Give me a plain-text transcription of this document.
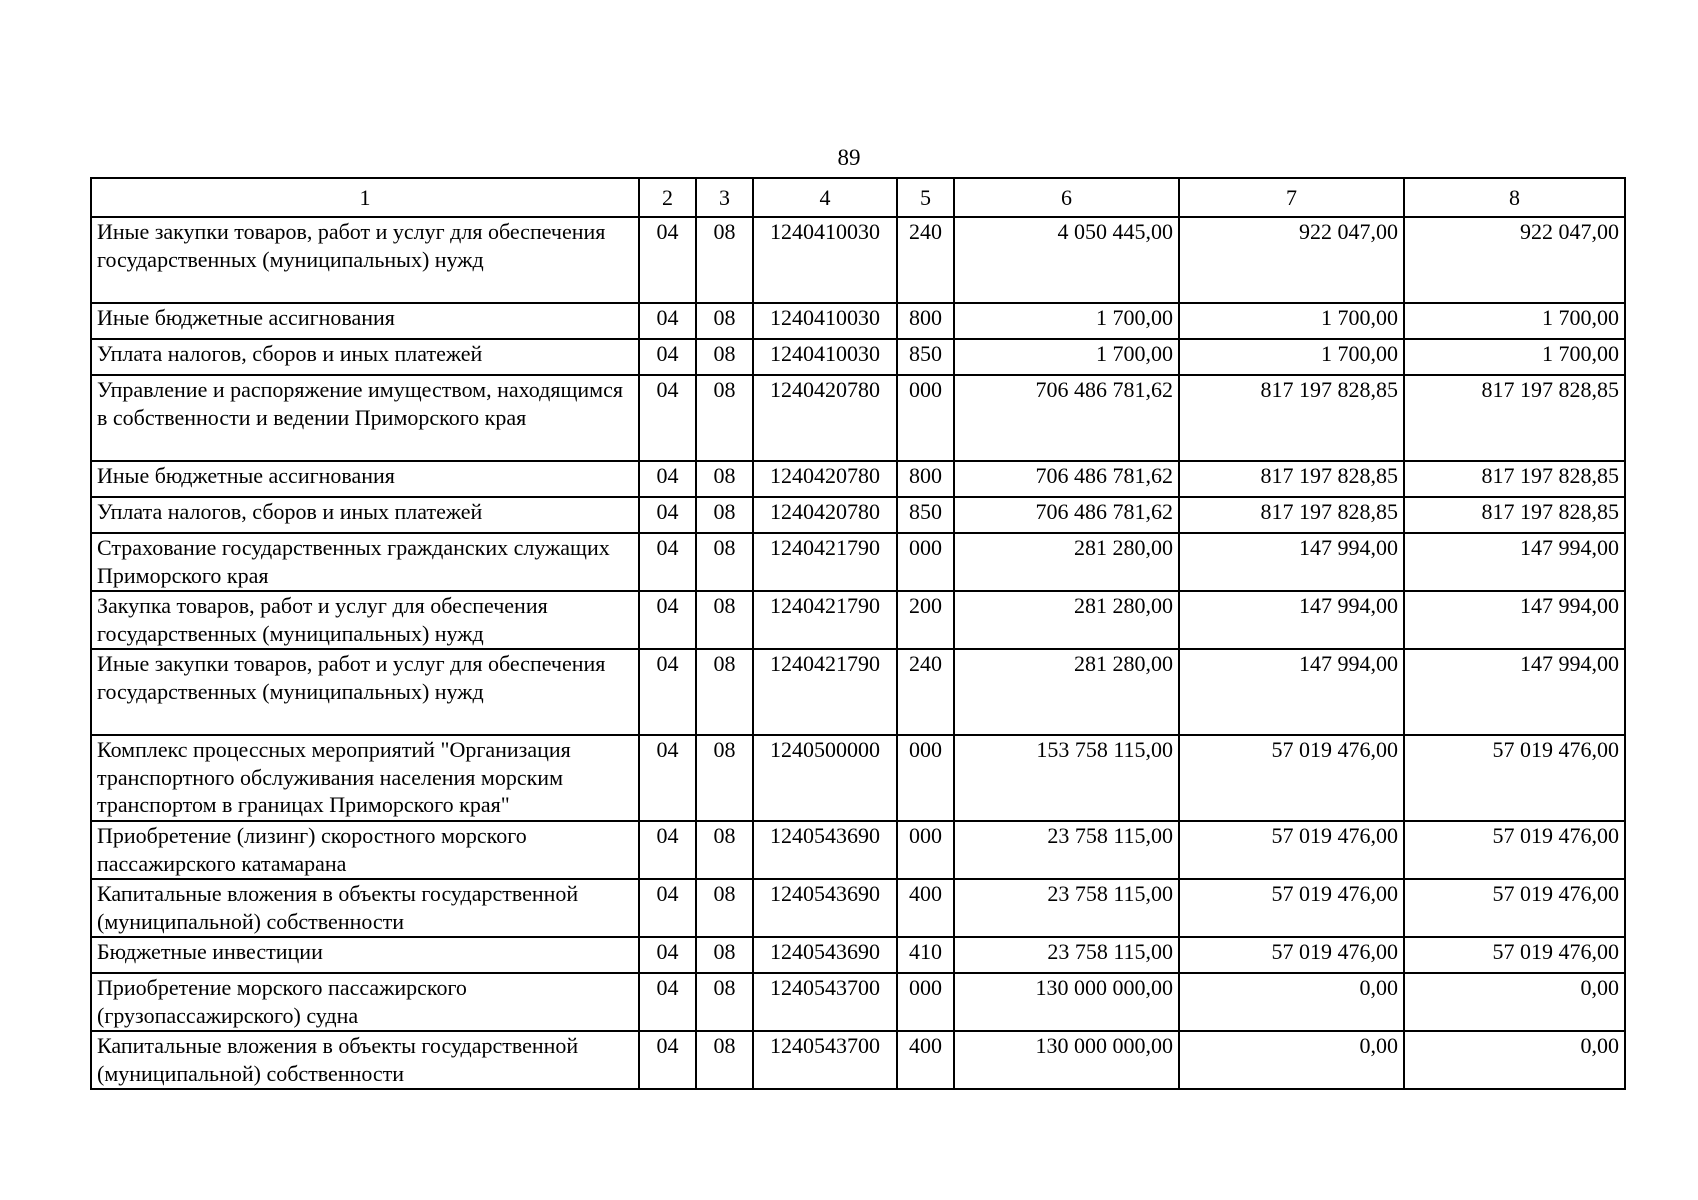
89
1	2	3	4	5	6	7	8
Иные закупки товаров, работ и услуг для обеспечения государственных (муниципальных) нужд	04	08	1240410030	240	4 050 445,00	922 047,00	922 047,00
Иные бюджетные ассигнования	04	08	1240410030	800	1 700,00	1 700,00	1 700,00
Уплата налогов, сборов и иных платежей	04	08	1240410030	850	1 700,00	1 700,00	1 700,00
Управление и распоряжение имуществом, находящимся в собственности и ведении Приморского края	04	08	1240420780	000	706 486 781,62	817 197 828,85	817 197 828,85
Иные бюджетные ассигнования	04	08	1240420780	800	706 486 781,62	817 197 828,85	817 197 828,85
Уплата налогов, сборов и иных платежей	04	08	1240420780	850	706 486 781,62	817 197 828,85	817 197 828,85
Страхование государственных гражданских служащих Приморского края	04	08	1240421790	000	281 280,00	147 994,00	147 994,00
Закупка товаров, работ и услуг для обеспечения государственных (муниципальных) нужд	04	08	1240421790	200	281 280,00	147 994,00	147 994,00
Иные закупки товаров, работ и услуг для обеспечения государственных (муниципальных) нужд	04	08	1240421790	240	281 280,00	147 994,00	147 994,00
Комплекс процессных мероприятий "Организация транспортного обслуживания населения морским транспортом в границах Приморского края"	04	08	1240500000	000	153 758 115,00	57 019 476,00	57 019 476,00
Приобретение (лизинг) скоростного морского пассажирского катамарана	04	08	1240543690	000	23 758 115,00	57 019 476,00	57 019 476,00
Капитальные вложения в объекты государственной (муниципальной) собственности	04	08	1240543690	400	23 758 115,00	57 019 476,00	57 019 476,00
Бюджетные инвестиции	04	08	1240543690	410	23 758 115,00	57 019 476,00	57 019 476,00
Приобретение морского пассажирского (грузопассажирского) судна	04	08	1240543700	000	130 000 000,00	0,00	0,00
Капитальные вложения в объекты государственной (муниципальной) собственности	04	08	1240543700	400	130 000 000,00	0,00	0,00
